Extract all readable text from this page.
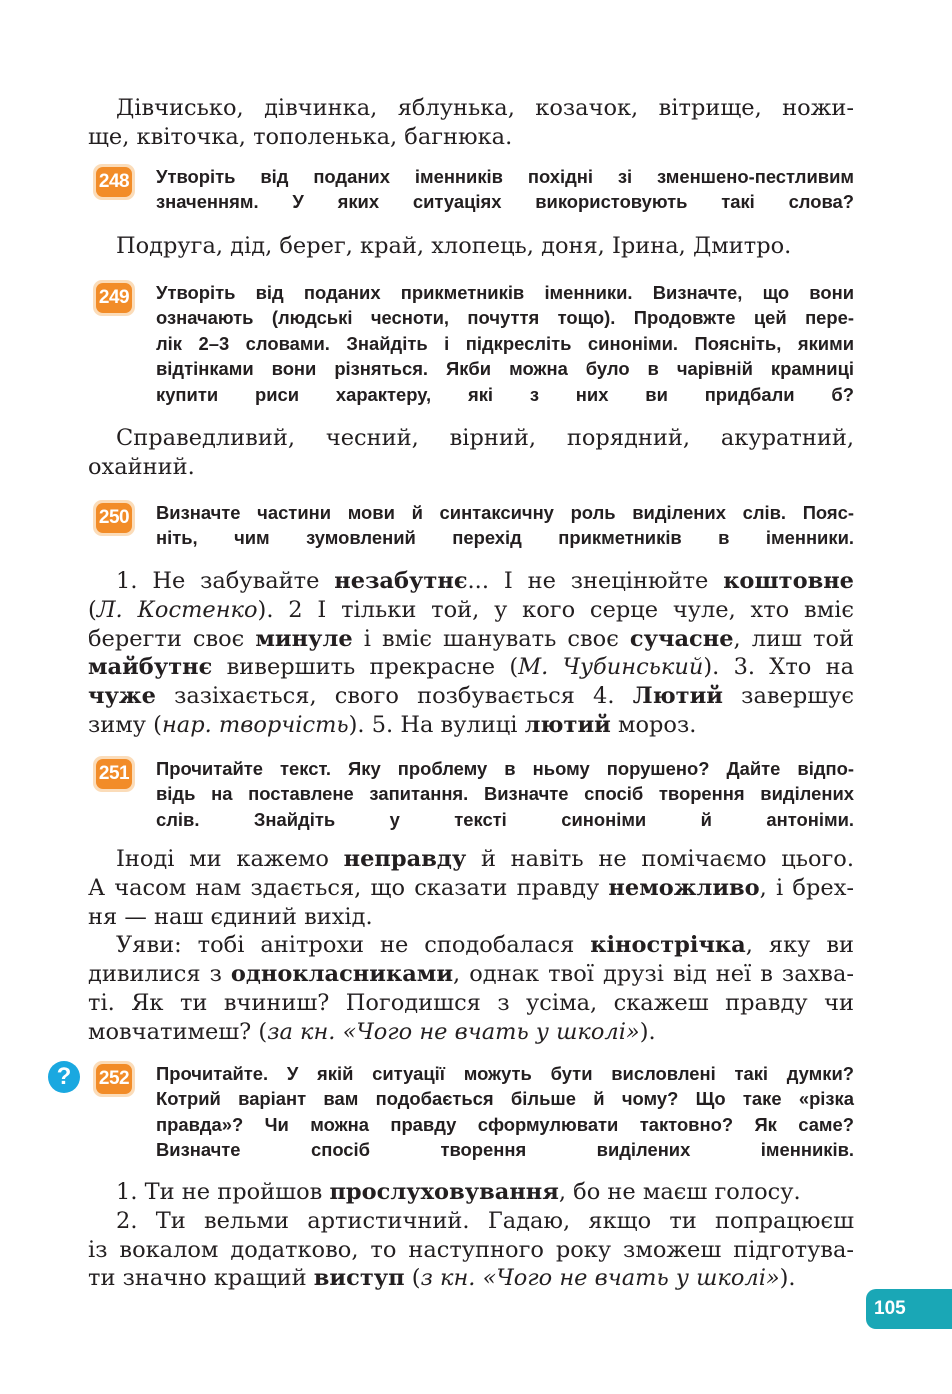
Дівчисько, дівчинка, яблунька, козачок, вітрище, ножи-
ще, квіточка, тополенька, багнюка.
248 Утворіть від поданих іменників похідні зі зменшено-пестливим
значенням. У яких ситуаціях використовують такі слова?
Подруга, дід, берег, край, хлопець, доня, Ірина, Дмитро.
249 Утворіть від поданих прикметників іменники. Визначте, що вони
означають (людські чесноти, почуття тощо). Продовжте цей пере-
лік 2–3 словами. Знайдіть і підкресліть синоніми. Поясніть, якими
відтінками вони різняться. Якби можна було в чарівній крамниці
купити риси характеру, які з них ви придбали б?
Справедливий, чесний, вірний, порядний, акуратний,
охайний.
250 Визначте частини мови й синтаксичну роль виділених слів. Пояс-
ніть, чим зумовлений перехід прикметників в іменники.
1. Не забувайте незабутнє... І не знецінюйте коштовне
(Л. Костенко). 2 І тільки той, у кого серце чуле, хто вміє
берегти своє минуле і вміє шанувать своє сучасне, лиш той
майбутнє вивершить прекрасне (М. Чубинський). 3. Хто на
чуже зазіхається, свого позбувається 4. Лютий завершує
зиму (нар. творчість). 5. На вулиці лютий мороз.
251 Прочитайте текст. Яку проблему в ньому порушено? Дайте відпо-
відь на поставлене запитання. Визначте спосіб творення виділених
слів. Знайдіть у тексті синоніми й антоніми.
Іноді ми кажемо неправду й навіть не помічаємо цього.
А часом нам здається, що сказати правду неможливо, і брех-
ня — наш єдиний вихід.
Уяви: тобі анітрохи не сподобалася кінострічка, яку ви
дивилися з однокласниками, однак твої друзі від неї в захва-
ті. Як ти вчиниш? Погодишся з усіма, скажеш правду чи
мовчатимеш? (за кн. «Чого не вчать у школі»).
?	252 Прочитайте. У якій ситуації можуть бути висловлені такі думки?
Котрий варіант вам подобається більше й чому? Що таке «різка
правда»? Чи можна правду сформулювати тактовно? Як саме?
Визначте спосіб творення виділених іменників.
1. Ти не пройшов прослуховування, бо не маєш голосу.
2. Ти вельми артистичний. Гадаю, якщо ти попрацюєш
із вокалом додатково, то наступного року зможеш підготува-
ти значно кращий виступ (з кн. «Чого не вчать у школі»).
105
